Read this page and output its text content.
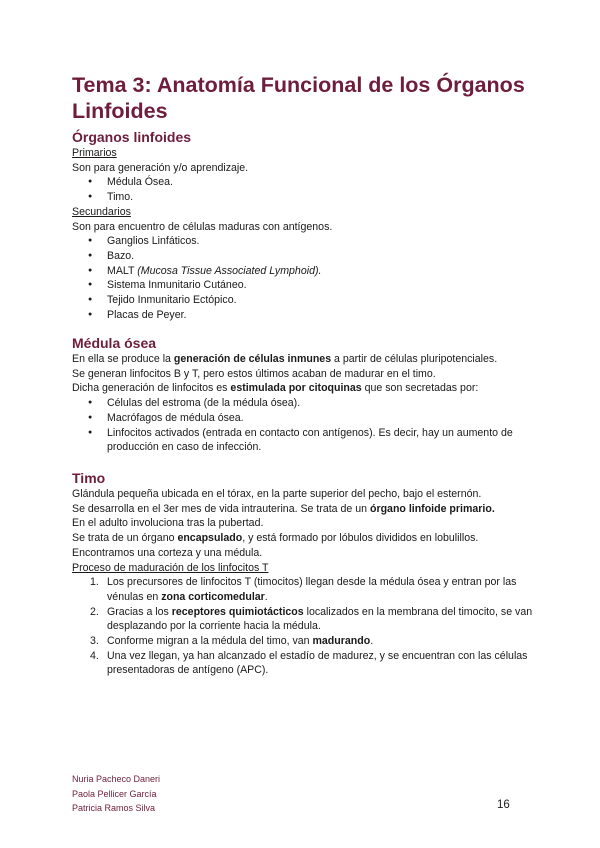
Tema 3: Anatomía Funcional de los Órganos Linfoides
Órganos linfoides

Primarios

Son para generación y/o aprendizaje.

● Médula Ósea.
● Timo.

Secundarios

Son para encuentro de células maduras con antígenos.

● Ganglios Linfáticos.
● Bazo.
● MALT (Mucosa Tissue Associated Lymphoid).
● Sistema Inmunitario Cutáneo.
● Tejido Inmunitario Ectópico.
● Placas de Peyer.
Médula ósea

En ella se produce la generación de células inmunes a partir de células pluripotenciales.

Se generan linfocitos B y T, pero estos últimos acaban de madurar en el timo.

Dicha generación de linfocitos es estimulada por citoquinas que son secretadas por:

● Células del estroma (de la médula ósea).
● Macrófagos de médula ósea.
● Linfocitos activados (entrada en contacto con antígenos). Es decir, hay un aumento de producción en caso de infección.
Timo

Glándula pequeña ubicada en el tórax, en la parte superior del pecho, bajo el esternón.

Se desarrolla en el 3er mes de vida intrauterina. Se trata de un órgano linfoide primario.

En el adulto involuciona tras la pubertad.

Se trata de un órgano encapsulado, y está formado por lóbulos divididos en lobulillos.

Encontramos una corteza y una médula.

Proceso de maduración de los linfocitos T

1. Los precursores de linfocitos T (timocitos) llegan desde la médula ósea y entran por las vénulas en zona corticomedular.
2. Gracias a los receptores quimiotácticos localizados en la membrana del timocito, se van desplazando por la corriente hacia la médula.
3. Conforme migran a la médula del timo, van madurando.
4. Una vez llegan, ya han alcanzado el estadío de madurez, y se encuentran con las células presentadoras de antígeno (APC).
Nuria Pacheco Daneri
Paola Pellicer García
Patricia Ramos Silva	16
